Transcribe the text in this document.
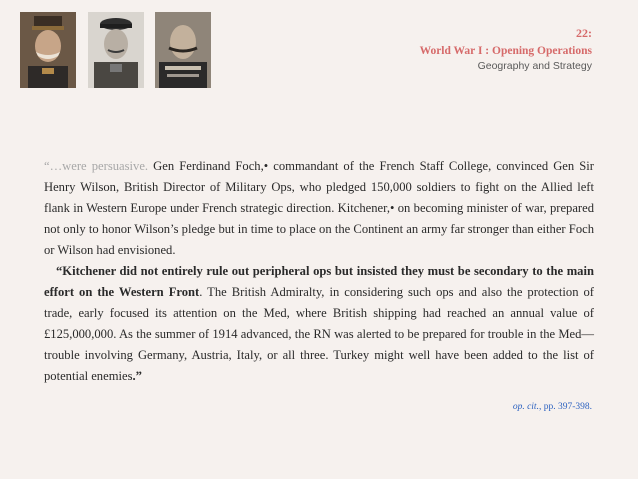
22:
World War I : Opening Operations
Geography and Strategy

“…were persuasive. Gen Ferdinand Foch,• commandant of the French Staff College, convinced Gen Sir Henry Wilson, British Director of Military Ops, who pledged 150,000 soldiers to fight on the Allied left flank in Western Europe under French strategic direction. Kitchener,• on becoming minister of war, prepared not only to honor Wilson’s pledge but in time to place on the Continent an army far stronger than either Foch or Wilson had envisioned.

“Kitchener did not entirely rule out peripheral ops but insisted they must be secondary to the main effort on the Western Front. The British Admiralty, in considering such ops and also the protection of trade, early focused its attention on the Med, where British shipping had reached an annual value of £125,000,000. As the summer of 1914 advanced, the RN was alerted to be prepared for trouble in the Med—trouble involving Germany, Austria, Italy, or all three. Turkey might well have been added to the list of potential enemies.”

op. cit., pp. 397-398.
